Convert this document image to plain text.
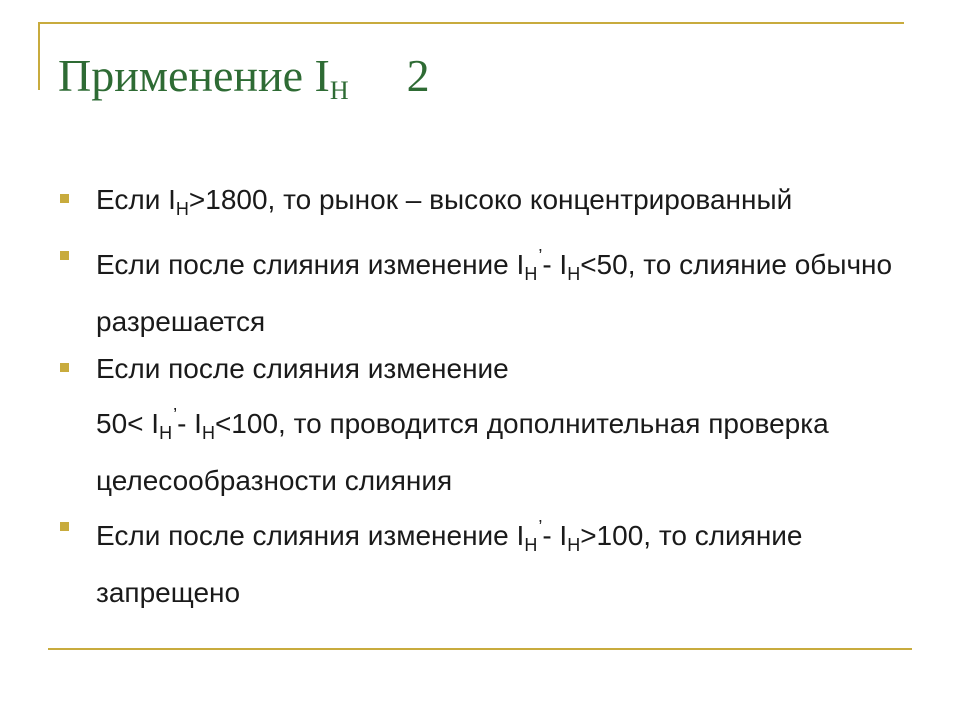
Применение $I_H$ 2
Если $I_H>1800$, то рынок – высоко концентрированный
Если после слияния изменение $I_H^’-$ $I_H<50$, то слияние обычно разрешается
Если после слияния изменение
$50< I_H^’-$ $I_H<100$, то проводится дополнительная проверка целесообразности слияния
Если после слияния изменение $I_H^’-$ $I_H>100$, то слияние запрещено
